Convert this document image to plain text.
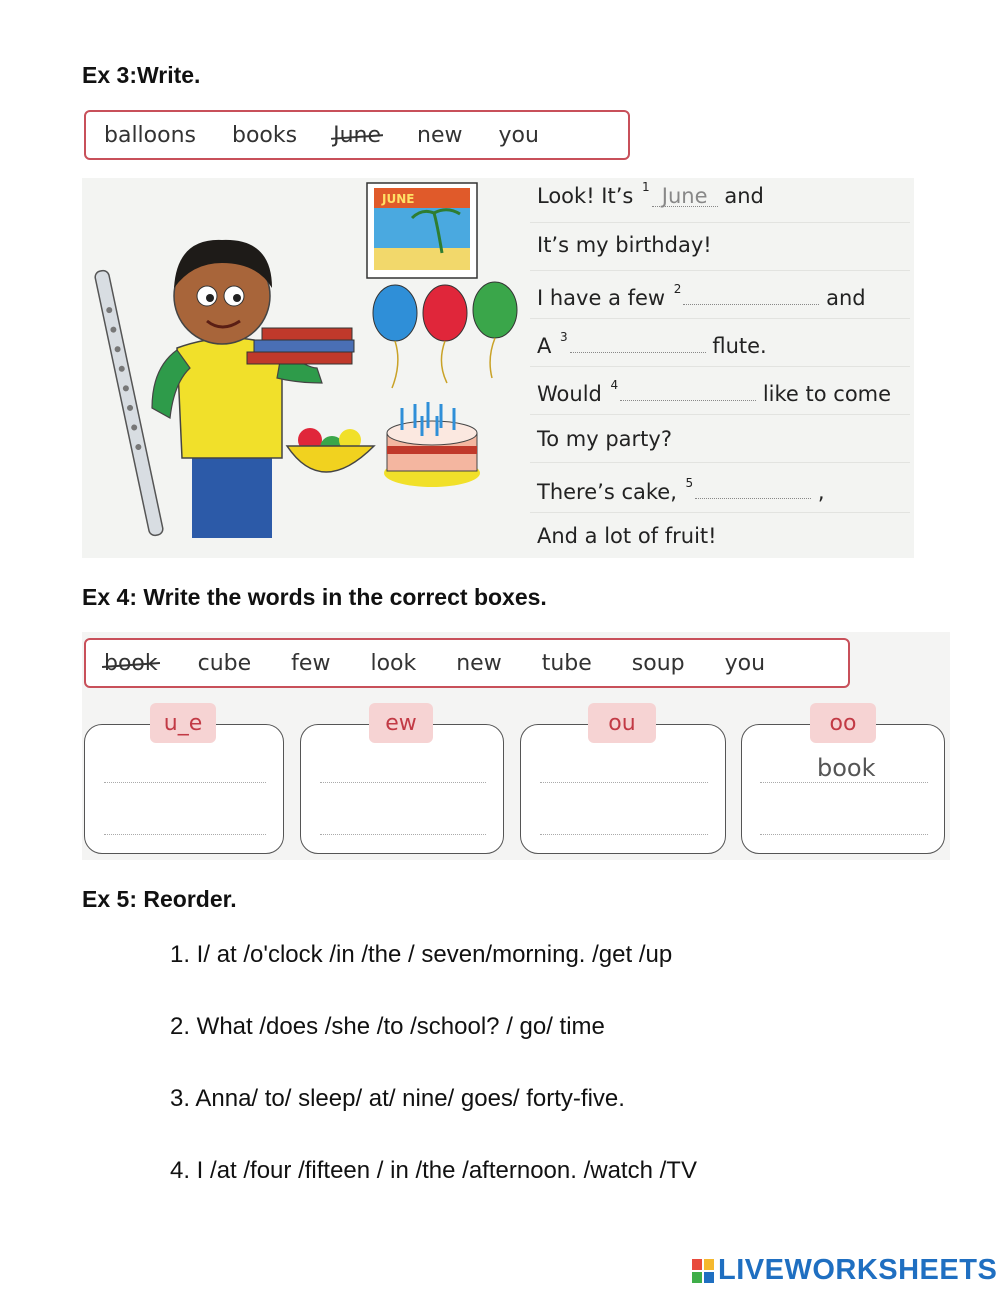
Ex 3:Write.
balloons books June new you
JUNE	Look! It’s $^1$ June and
It’s my birthday!
I have a few $^2$	and
A $^3$	flute.
Would $^4$	like to come
To my party?
There’s cake, $^5$	,
And a lot of fruit!
Ex 4: Write the words in the correct boxes.
book cube few look new tube soup you
u_e	ew	ou	oo
book
Ex 5: Reorder.
1. I/ at /o'clock /in /the / seven/morning. /get /up
2. What /does /she /to /school? / go/ time
3. Anna/ to/ sleep/ at/ nine/ goes/ forty-five.
4. I /at /four /fifteen / in /the /afternoon. /watch /TV
LIVEWORKSHEETS
